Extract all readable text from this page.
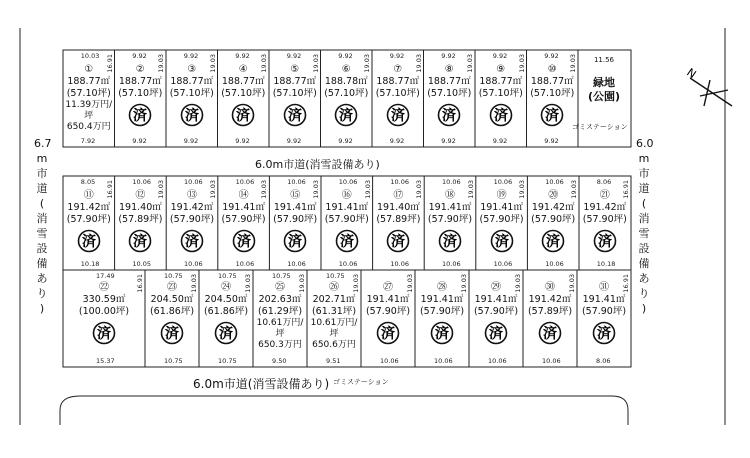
6.0m市道(消雪設備あり)
6.0m市道(消雪設備あり)
6.7
m
市
道
(
消
雪
設
備
あ
り
)
6.0
m
市
道
(
消
雪
設
備
あ
り
)
ゴミステーション
ゴミステーション
11.56
緑地
(公園)
①
188.77㎡
(57.10坪)
11.39万円/坪
650.4万円
10.03 16.91
7.92
②
188.77㎡
(57.10坪)
済
9.92 19.03
9.92
③
188.77㎡
(57.10坪)
済
9.92 19.03
9.92
④
188.77㎡
(57.10坪)
済
9.92 19.03
9.92
⑤
188.77㎡
(57.10坪)
済
9.92 19.03
9.92
⑥
188.78㎡
(57.10坪)
済
9.92 19.03
9.92
⑦
188.77㎡
(57.10坪)
済
9.92 19.03
9.92
⑧
188.77㎡
(57.10坪)
済
9.92 19.03
9.92
⑨
188.77㎡
(57.10坪)
済
9.92 19.03
9.92
⑩
188.77㎡
(57.10坪)
済
9.92 19.03
9.92
⑪
191.42㎡
(57.90坪)
済
8.05 16.91
10.18
⑫
191.40㎡
(57.89坪)
済
10.06 19.03
10.05
⑬
191.42㎡
(57.90坪)
済
10.06 19.03
10.06
⑭
191.41㎡
(57.90坪)
済
10.06 19.03
10.06
⑮
191.41㎡
(57.90坪)
済
10.06 19.03
10.06
⑯
191.41㎡
(57.90坪)
済
10.06 19.03
10.06
⑰
191.40㎡
(57.89坪)
済
10.06 19.03
10.06
⑱
191.41㎡
(57.90坪)
済
10.06 19.03
10.06
⑲
191.41㎡
(57.90坪)
済
10.06 19.03
10.06
⑳
191.42㎡
(57.90坪)
済
10.06 19.03
10.06
㉑
191.42㎡
(57.90坪)
済
8.06 16.91
10.18
㉒
330.59㎡
(100.00坪)
済
17.49	16.91
15.37
㉓
204.50㎡
(61.86坪)
済
10.75 19.03
10.75
㉔
204.50㎡
(61.86坪)
済
10.75 19.03
10.75
㉕
202.63㎡
(61.29坪)
10.61万円/坪
650.3万円
10.75 19.03
9.50
㉖
202.71㎡
(61.31坪)
10.61万円/坪
650.6万円
10.75 19.03
9.51
㉗
191.41㎡
(57.90坪)
済
19.03
10.06
㉘
191.41㎡
(57.90坪)
済
19.03
10.06
㉙
191.41㎡
(57.90坪)
済
19.03
10.06
㉚
191.42㎡
(57.89坪)
済
19.03
10.06
㉛
191.41㎡
(57.90坪)
済
16.91
8.06
N
